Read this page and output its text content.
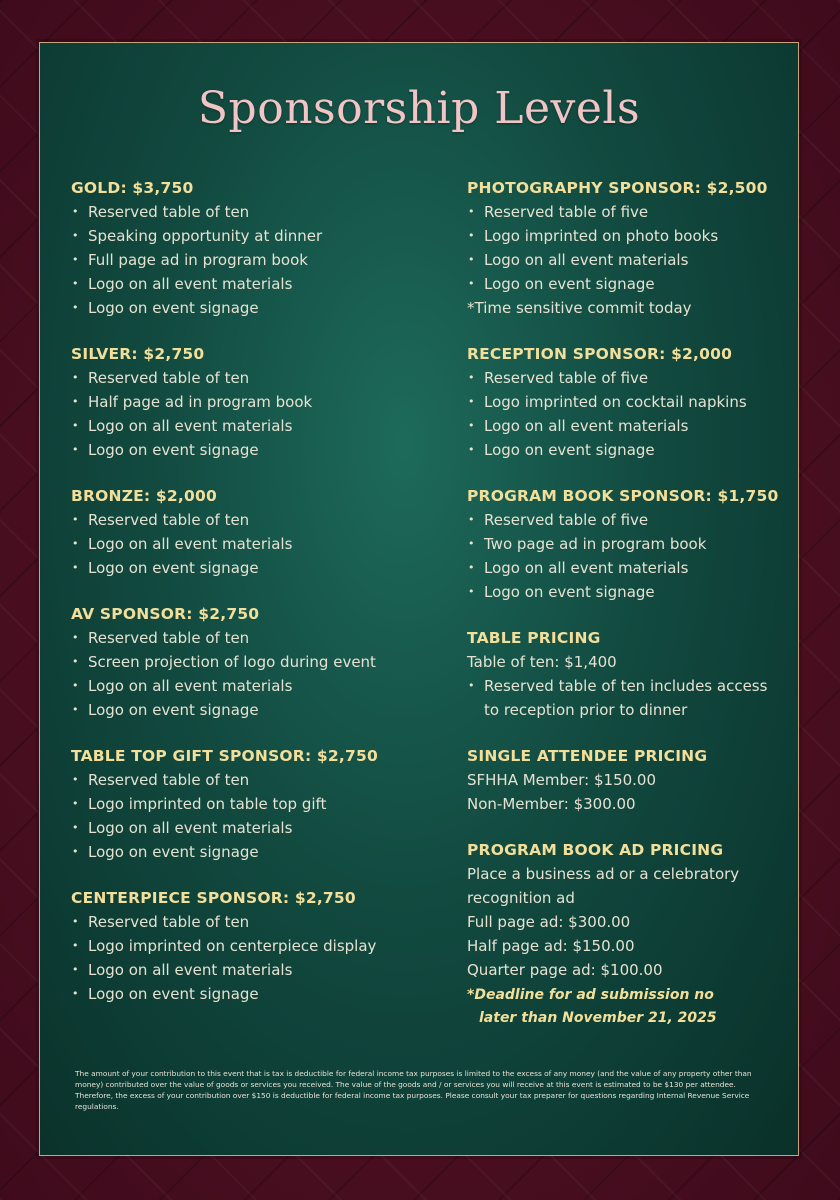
Sponsorship Levels
GOLD: $3,750
• Reserved table of ten
• Speaking opportunity at dinner
• Full page ad in program book
• Logo on all event materials
• Logo on event signage
SILVER: $2,750
• Reserved table of ten
• Half page ad in program book
• Logo on all event materials
• Logo on event signage
BRONZE: $2,000
• Reserved table of ten
• Logo on all event materials
• Logo on event signage
AV SPONSOR: $2,750
• Reserved table of ten
• Screen projection of logo during event
• Logo on all event materials
• Logo on event signage
TABLE TOP GIFT SPONSOR: $2,750
• Reserved table of ten
• Logo imprinted on table top gift
• Logo on all event materials
• Logo on event signage
CENTERPIECE SPONSOR: $2,750
• Reserved table of ten
• Logo imprinted on centerpiece display
• Logo on all event materials
• Logo on event signage
PHOTOGRAPHY SPONSOR: $2,500
• Reserved table of five
• Logo imprinted on photo books
• Logo on all event materials
• Logo on event signage
*Time sensitive commit today
RECEPTION SPONSOR: $2,000
• Reserved table of five
• Logo imprinted on cocktail napkins
• Logo on all event materials
• Logo on event signage
PROGRAM BOOK SPONSOR: $1,750
• Reserved table of five
• Two page ad in program book
• Logo on all event materials
• Logo on event signage
TABLE PRICING
Table of ten: $1,400
• Reserved table of ten includes access to reception prior to dinner
SINGLE ATTENDEE PRICING
SFHHA Member: $150.00
Non-Member: $300.00
PROGRAM BOOK AD PRICING
Place a business ad or a celebratory recognition ad
Full page ad: $300.00
Half page ad: $150.00
Quarter page ad: $100.00
*Deadline for ad submission no
later than November 21, 2025
The amount of your contribution to this event that is tax is deductible for federal income tax purposes is limited to the excess of any money (and the value of any property other than money) contributed over the value of goods or services you received. The value of the goods and / or services you will receive at this event is estimated to be $130 per attendee. Therefore, the excess of your contribution over $150 is deductible for federal income tax purposes. Please consult your tax preparer for questions regarding Internal Revenue Service regulations.
